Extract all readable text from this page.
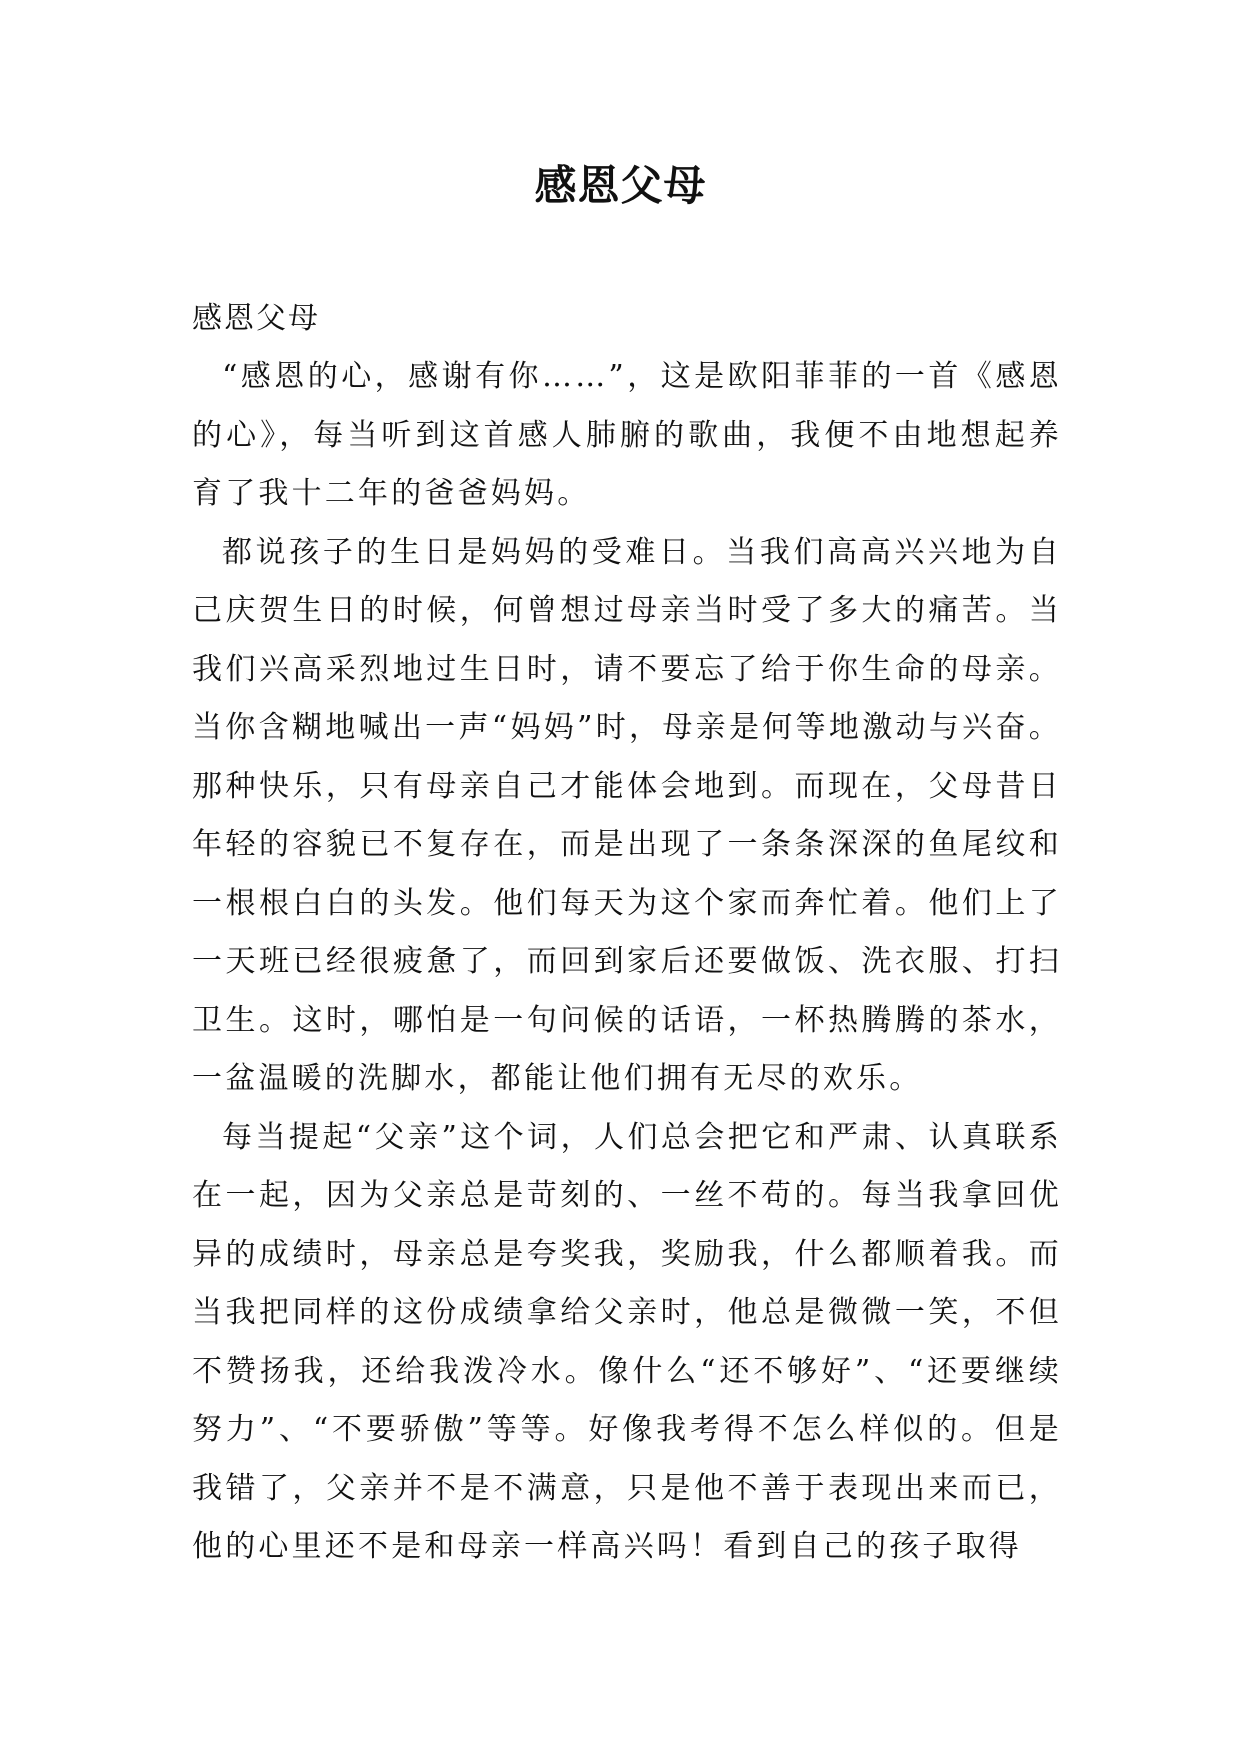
感恩父母

感恩父母

“感恩的心，感谢有你……”，这是欧阳菲菲的一首《感恩的心》，每当听到这首感人肺腑的歌曲，我便不由地想起养育了我十二年的爸爸妈妈。

都说孩子的生日是妈妈的受难日。当我们高高兴兴地为自己庆贺生日的时候，何曾想过母亲当时受了多大的痛苦。当我们兴高采烈地过生日时，请不要忘了给于你生命的母亲。当你含糊地喊出一声“妈妈”时，母亲是何等地激动与兴奋。那种快乐，只有母亲自己才能体会地到。而现在，父母昔日年轻的容貌已不复存在，而是出现了一条条深深的鱼尾纹和一根根白白的头发。他们每天为这个家而奔忙着。他们上了一天班已经很疲惫了，而回到家后还要做饭、洗衣服、打扫卫生。这时，哪怕是一句问候的话语，一杯热腾腾的茶水，一盆温暖的洗脚水，都能让他们拥有无尽的欢乐。

每当提起“父亲”这个词，人们总会把它和严肃、认真联系在一起，因为父亲总是苛刻的、一丝不苟的。每当我拿回优异的成绩时，母亲总是夸奖我，奖励我，什么都顺着我。而当我把同样的这份成绩拿给父亲时，他总是微微一笑，不但不赞扬我，还给我泼冷水。像什么“还不够好”、“还要继续努力”、“不要骄傲”等等。好像我考得不怎么样似的。但是我错了，父亲并不是不满意，只是他不善于表现出来而已，他的心里还不是和母亲一样高兴吗！看到自己的孩子取得
